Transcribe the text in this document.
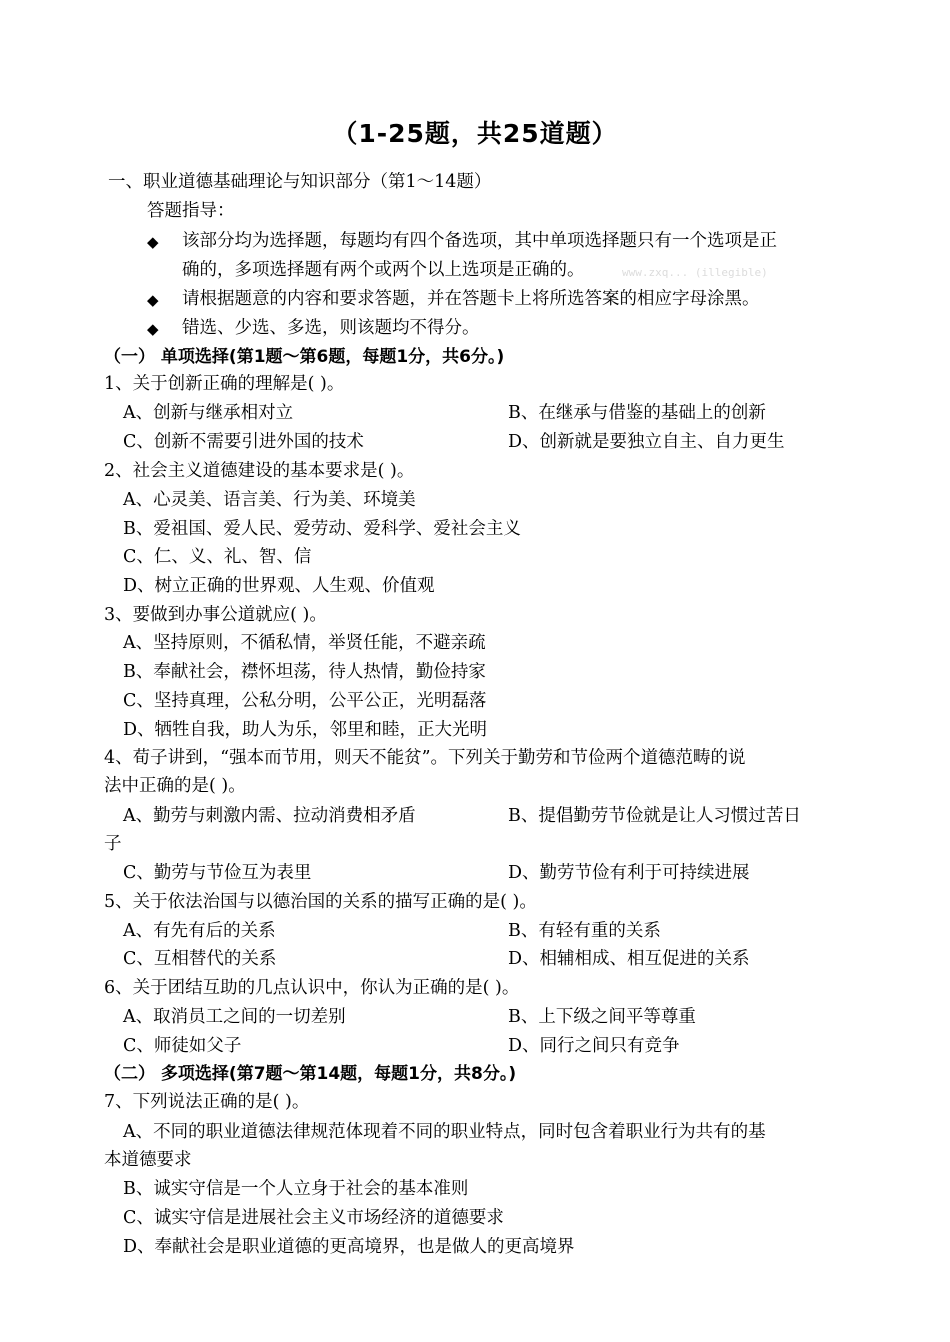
（1-25题，共25道题）
一、职业道德基础理论与知识部分（第1～14题）
答题指导：
◆ 该部分均为选择题，每题均有四个备选项，其中单项选择题只有一个选项是正
确的，多项选择题有两个或两个以上选项是正确的。	www.zxq... (illegible)
◆ 请根据题意的内容和要求答题，并在答题卡上将所选答案的相应字母涂黑。
◆ 错选、少选、多选，则该题均不得分。
（一） 单项选择(第1题～第6题，每题1分，共6分。)
1、关于创新正确的理解是( )。
A、创新与继承相对立	B、在继承与借鉴的基础上的创新
C、创新不需要引进外国的技术	D、创新就是要独立自主、自力更生
2、社会主义道德建设的基本要求是( )。
A、心灵美、语言美、行为美、环境美
B、爱祖国、爱人民、爱劳动、爱科学、爱社会主义
C、仁、义、礼、智、信
D、树立正确的世界观、人生观、价值观
3、要做到办事公道就应( )。
A、坚持原则，不循私情，举贤任能，不避亲疏
B、奉献社会，襟怀坦荡，待人热情，勤俭持家
C、坚持真理，公私分明，公平公正，光明磊落
D、牺牲自我，助人为乐，邻里和睦，正大光明
4、荀子讲到，“强本而节用，则天不能贫”。下列关于勤劳和节俭两个道德范畴的说
法中正确的是( )。
A、勤劳与刺激内需、拉动消费相矛盾	B、提倡勤劳节俭就是让人习惯过苦日
子
C、勤劳与节俭互为表里	D、勤劳节俭有利于可持续进展
5、关于依法治国与以德治国的关系的描写正确的是( )。
A、有先有后的关系	B、有轻有重的关系
C、互相替代的关系	D、相辅相成、相互促进的关系
6、关于团结互助的几点认识中，你认为正确的是( )。
A、取消员工之间的一切差别	B、上下级之间平等尊重
C、师徒如父子	D、同行之间只有竞争
（二） 多项选择(第7题～第14题，每题1分，共8分。)
7、下列说法正确的是( )。
A、不同的职业道德法律规范体现着不同的职业特点，同时包含着职业行为共有的基
本道德要求
B、诚实守信是一个人立身于社会的基本准则
C、诚实守信是进展社会主义市场经济的道德要求
D、奉献社会是职业道德的更高境界，也是做人的更高境界
